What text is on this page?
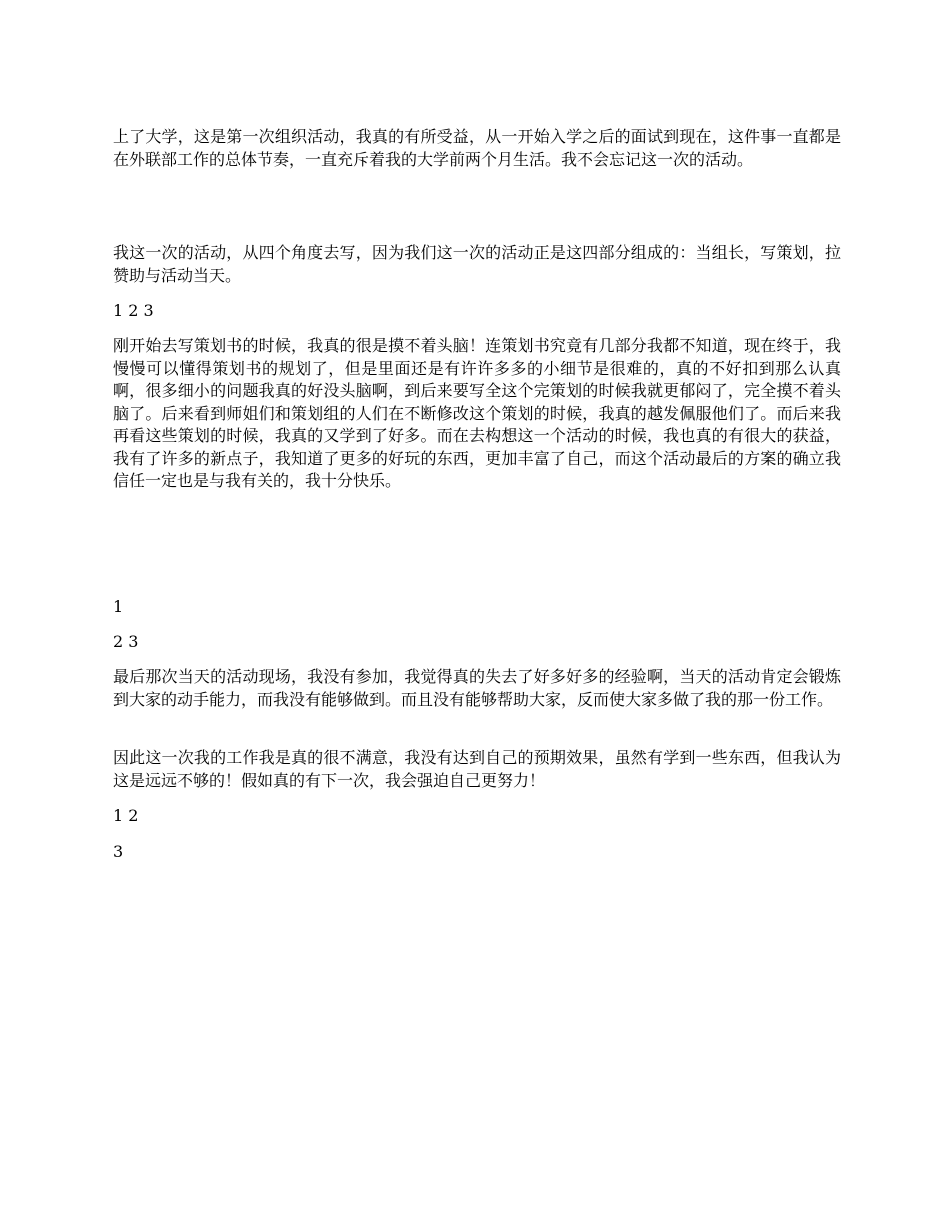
上了大学，这是第一次组织活动，我真的有所受益，从一开始入学之后的面试到现在，这件事一直都是在外联部工作的总体节奏，一直充斥着我的大学前两个月生活。我不会忘记这一次的活动。

我这一次的活动，从四个角度去写，因为我们这一次的活动正是这四部分组成的：当组长，写策划，拉赞助与活动当天。

1 2 3

刚开始去写策划书的时候，我真的很是摸不着头脑！连策划书究竟有几部分我都不知道，现在终于，我慢慢可以懂得策划书的规划了，但是里面还是有许许多多的小细节是很难的，真的不好扣到那么认真啊，很多细小的问题我真的好没头脑啊，到后来要写全这个完策划的时候我就更郁闷了，完全摸不着头脑了。后来看到师姐们和策划组的人们在不断修改这个策划的时候，我真的越发佩服他们了。而后来我再看这些策划的时候，我真的又学到了好多。而在去构想这一个活动的时候，我也真的有很大的获益，我有了许多的新点子，我知道了更多的好玩的东西，更加丰富了自己，而这个活动最后的方案的确立我信任一定也是与我有关的，我十分快乐。

1

2 3

最后那次当天的活动现场，我没有参加，我觉得真的失去了好多好多的经验啊，当天的活动肯定会锻炼到大家的动手能力，而我没有能够做到。而且没有能够帮助大家，反而使大家多做了我的那一份工作。

因此这一次我的工作我是真的很不满意，我没有达到自己的预期效果，虽然有学到一些东西，但我认为这是远远不够的！假如真的有下一次，我会强迫自己更努力！

1 2

3
